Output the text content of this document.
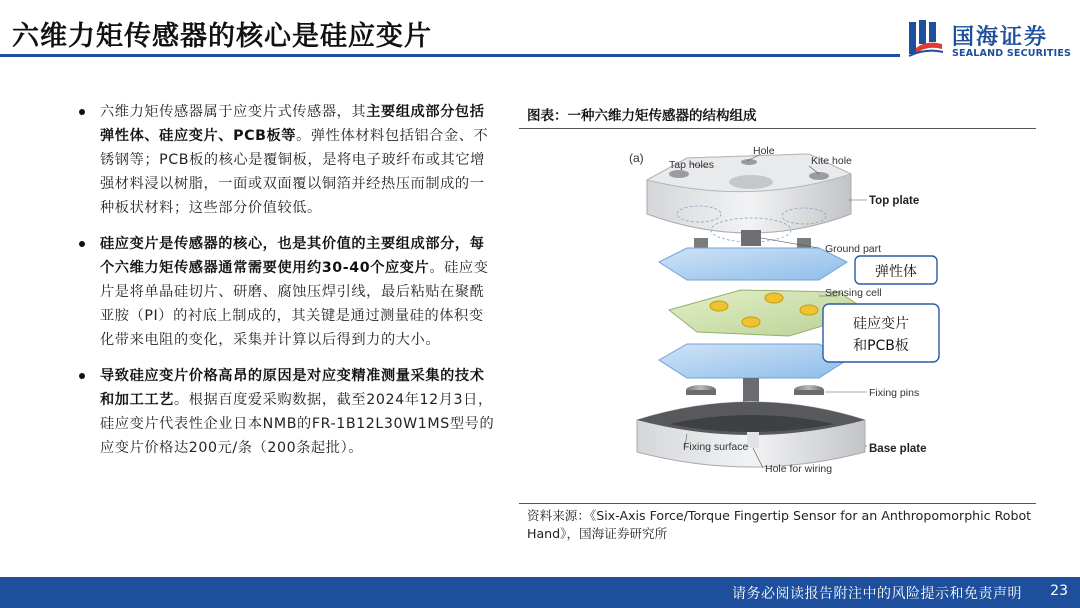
六维力矩传感器的核心是硅应变片	国海证券
SEALAND SECURITIES
六维力矩传感器属于应变片式传感器，其主要组成部分包括弹性体、硅应变片、PCB板等。弹性体材料包括铝合金、不锈钢等；PCB板的核心是覆铜板，是将电子玻纤布或其它增强材料浸以树脂，一面或双面覆以铜箔并经热压而制成的一种板状材料；这些部分价值较低。
硅应变片是传感器的核心，也是其价值的主要组成部分，每个六维力矩传感器通常需要使用约30-40个应变片。硅应变片是将单晶硅切片、研磨、腐蚀压焊引线，最后粘贴在聚酰亚胺（PI）的衬底上制成的，其关键是通过测量硅的体积变化带来电阻的变化，采集并计算以后得到力的大小。
导致硅应变片价格高昂的原因是对应变精准测量采集的技术和加工工艺。根据百度爱采购数据，截至2024年12月3日，硅应变片代表性企业日本NMB的FR-1B12L30W1MS型号的应变片价格达200元/条（200条起批）。
图表：一种六维力矩传感器的结构组成
(a)	Hole
Tap holes	Kite hole
Top plate
Ground part
Sensing cell
Fixing pins
Fixing surface	Base plate
Hole for wiring
弹性体
硅应变片
和PCB板
资料来源：《Six-Axis Force/Torque Fingertip Sensor for an Anthropomorphic Robot Hand》，国海证券研究所
请务必阅读报告附注中的风险提示和免责声明 23
